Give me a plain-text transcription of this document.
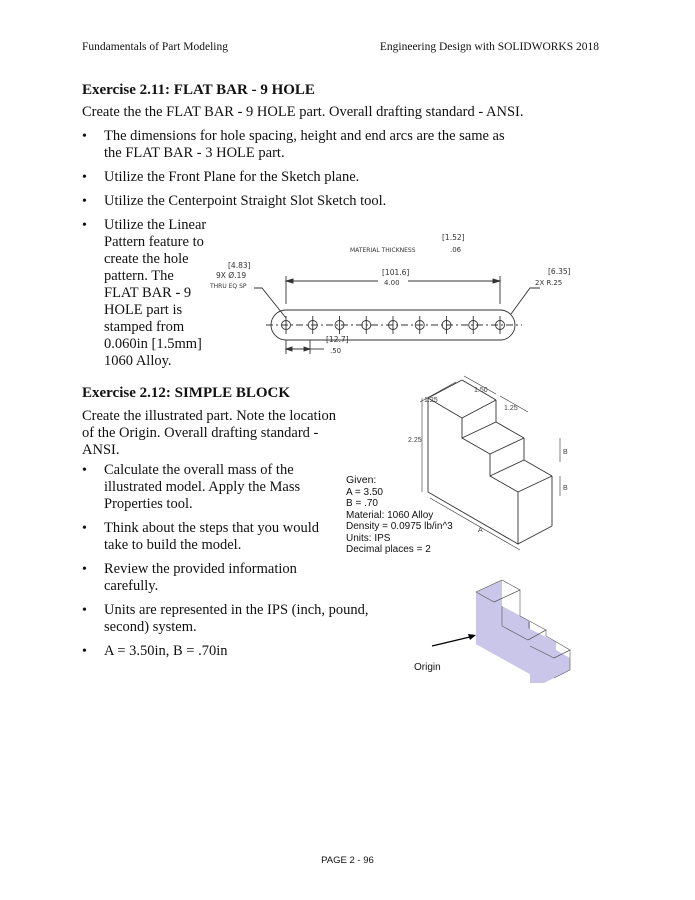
Fundamentals of Part Modeling	Engineering Design with SOLIDWORKS 2018
Exercise 2.11: FLAT BAR - 9 HOLE
Create the the FLAT BAR - 9 HOLE part. Overall drafting standard - ANSI.
• The dimensions for hole spacing, height and end arcs are the same as the FLAT BAR - 3 HOLE part.
• Utilize the Front Plane for the Sketch plane.
• Utilize the Centerpoint Straight Slot Sketch tool.
• Utilize the Linear
Pattern feature to
create the hole
pattern. The
FLAT BAR - 9
HOLE part is
stamped from
0.060in [1.5mm]
1060 Alloy.
[1.52]
MATERIAL THICKNESS	.06
[4.83]
9X Ø.19
THRU EQ SP
[101.6]
4.00
[6.35]
2X R.25
[12.7]
.50
Exercise 2.12: SIMPLE BLOCK
Create the illustrated part. Note the location
of the Origin. Overall drafting standard -
ANSI.
• Calculate the overall mass of the illustrated model. Apply the Mass Properties tool.
• Think about the steps that you would take to build the model.
• Review the provided information carefully.
• Units are represented in the IPS (inch, pound, second) system.
• A = 3.50in, B = .70in
Given:
A = 3.50
B = .70
Material: 1060 Alloy
Density = 0.0975 lb/in^3
Units: IPS
Decimal places = 2
1.50
1.25
1.25
2.25
B
B
A
Origin
PAGE 2 - 96
